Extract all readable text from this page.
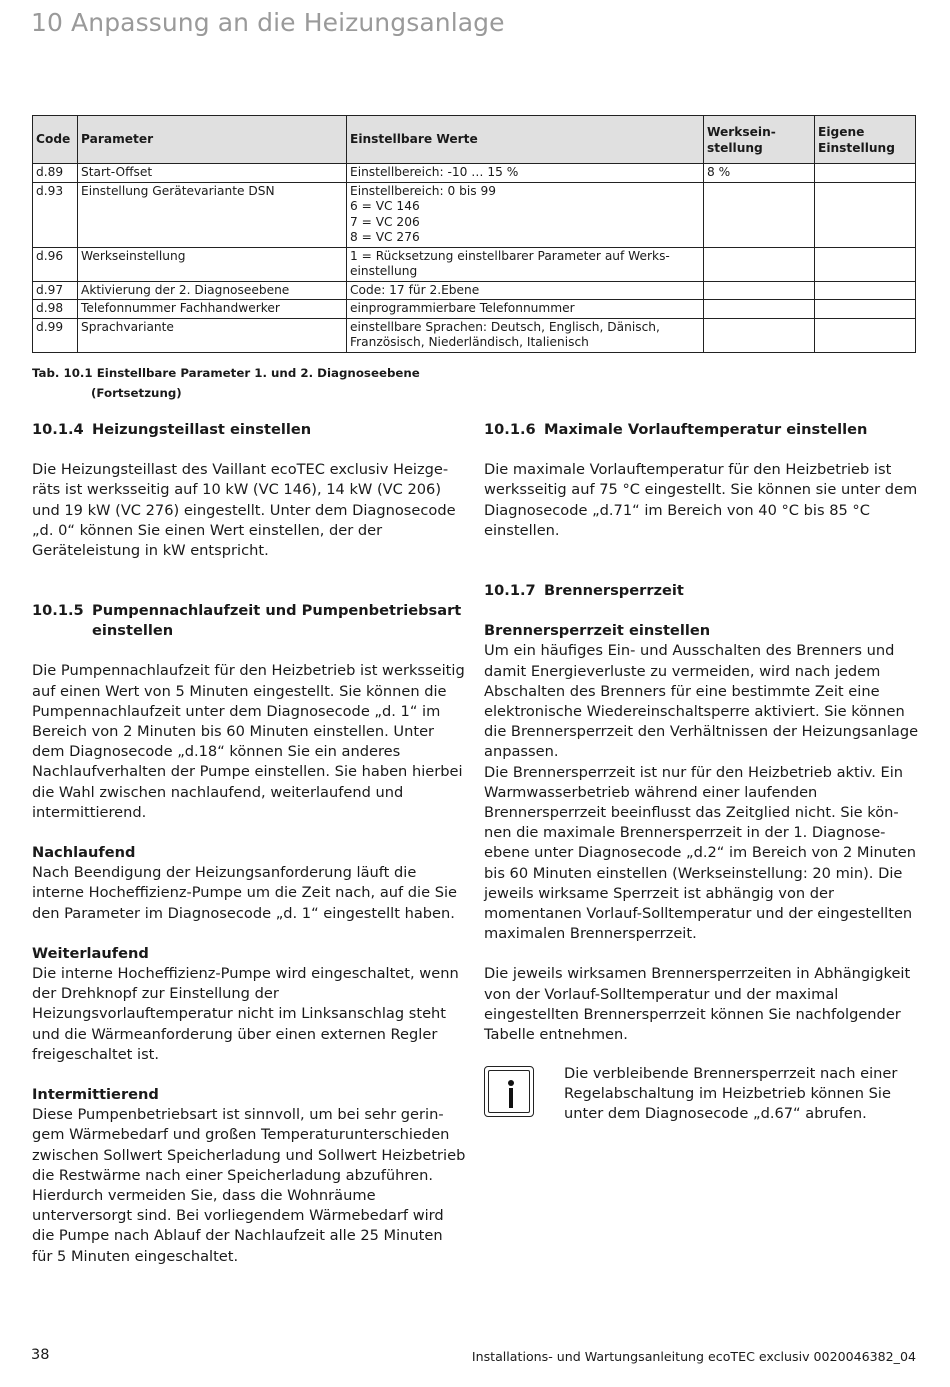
10 Anpassung an die Heizungsanlage
Code	Parameter	Einstellbare Werte	Werksein-
stellung	Eigene
Einstellung
d.89	Start-Offset	Einstellbereich: -10 … 15 %	8 %	
d.93	Einstellung Gerätevariante DSN	Einstellbereich: 0 bis 99
6 = VC 146
7 = VC 206
8 = VC 276		

d.96	Werkseinstellung	1 = Rücksetzung einstellbarer Parameter auf Werks-
einstellung		

d.97	Aktivierung der 2. Diagnoseebene	Code: 17 für 2.Ebene		

d.98	Telefonnummer Fachhandwerker	einprogrammierbare Telefonnummer		

d.99	Sprachvariante	einstellbare Sprachen: Deutsch, Englisch, Dänisch,
Französisch, Niederländisch, Italienisch		

Tab. 10.1 Einstellbare Parameter 1. und 2. Diagnoseebene
(Fortsetzung)
10.1.4 Heizungsteillast einstellen

Die Heizungsteillast des Vaillant ecoTEC exclusiv Heizgeräts ist werksseitig auf 10 kW (VC 146), 14 kW (VC 206) und 19 kW (VC 276) eingestellt. Unter dem Diagnosecode „d. 0“ können Sie einen Wert einstellen, der der Geräteleistung in kW entspricht.

10.1.5 Pumpennachlaufzeit und Pumpenbetriebsart einstellen

Die Pumpennachlaufzeit für den Heizbetrieb ist werksseitig auf einen Wert von 5 Minuten eingestellt. Sie können die Pumpennachlaufzeit unter dem Diagnosecode „d. 1“ im Bereich von 2 Minuten bis 60 Minuten einstellen. Unter dem Diagnosecode „d.18“ können Sie ein anderes Nachlaufverhalten der Pumpe einstellen. Sie haben hierbei die Wahl zwischen nachlaufend, weiterlaufend und intermittierend.

Nachlaufend

Nach Beendigung der Heizungsanforderung läuft die interne Hocheffizienz-Pumpe um die Zeit nach, auf die Sie den Parameter im Diagnosecode „d. 1“ eingestellt haben.

Weiterlaufend

Die interne Hocheffizienz-Pumpe wird eingeschaltet, wenn der Drehknopf zur Einstellung der Heizungsvorlauftemperatur nicht im Linksanschlag steht und die Wärmeanforderung über einen externen Regler freigeschaltet ist.

Intermittierend

Diese Pumpenbetriebsart ist sinnvoll, um bei sehr geringem Wärmebedarf und großen Temperaturunterschieden zwischen Sollwert Speicherladung und Sollwert Heizbetrieb die Restwärme nach einer Speicherladung abzuführen. Hierdurch vermeiden Sie, dass die Wohnräume unterversorgt sind. Bei vorliegendem Wärmebedarf wird die Pumpe nach Ablauf der Nachlaufzeit alle 25 Minuten für 5 Minuten eingeschaltet.

10.1.6 Maximale Vorlauftemperatur einstellen

Die maximale Vorlauftemperatur für den Heizbetrieb ist werksseitig auf 75 °C eingestellt. Sie können sie unter dem Diagnosecode „d.71“ im Bereich von 40 °C bis 85 °C einstellen.

10.1.7 Brennersperrzeit

Brennersperrzeit einstellen

Um ein häufiges Ein- und Ausschalten des Brenners und damit Energieverluste zu vermeiden, wird nach jedem Abschalten des Brenners für eine bestimmte Zeit eine elektronische Wiedereinschaltsperre aktiviert. Sie können die Brennersperrzeit den Verhältnissen der Heizungsanlage anpassen.

Die Brennersperrzeit ist nur für den Heizbetrieb aktiv. Ein Warmwasserbetrieb während einer laufenden Brennersperrzeit beeinflusst das Zeitglied nicht. Sie können die maximale Brennersperrzeit in der 1. Diagnoseebene unter Diagnosecode „d.2“ im Bereich von 2 Minuten bis 60 Minuten einstellen (Werkseinstellung: 20 min). Die jeweils wirksame Sperrzeit ist abhängig von der momentanen Vorlauf-Solltemperatur und der eingestellten maximalen Brennersperrzeit.

Die jeweils wirksamen Brennersperrzeiten in Abhängigkeit von der Vorlauf-Solltemperatur und der maximal eingestellten Brennersperrzeit können Sie nachfolgender Tabelle entnehmen.

Die verbleibende Brennersperrzeit nach einer Regelabschaltung im Heizbetrieb können Sie unter dem Diagnosecode „d.67“ abrufen.
38	Installations- und Wartungsanleitung ecoTEC exclusiv 0020046382_04
